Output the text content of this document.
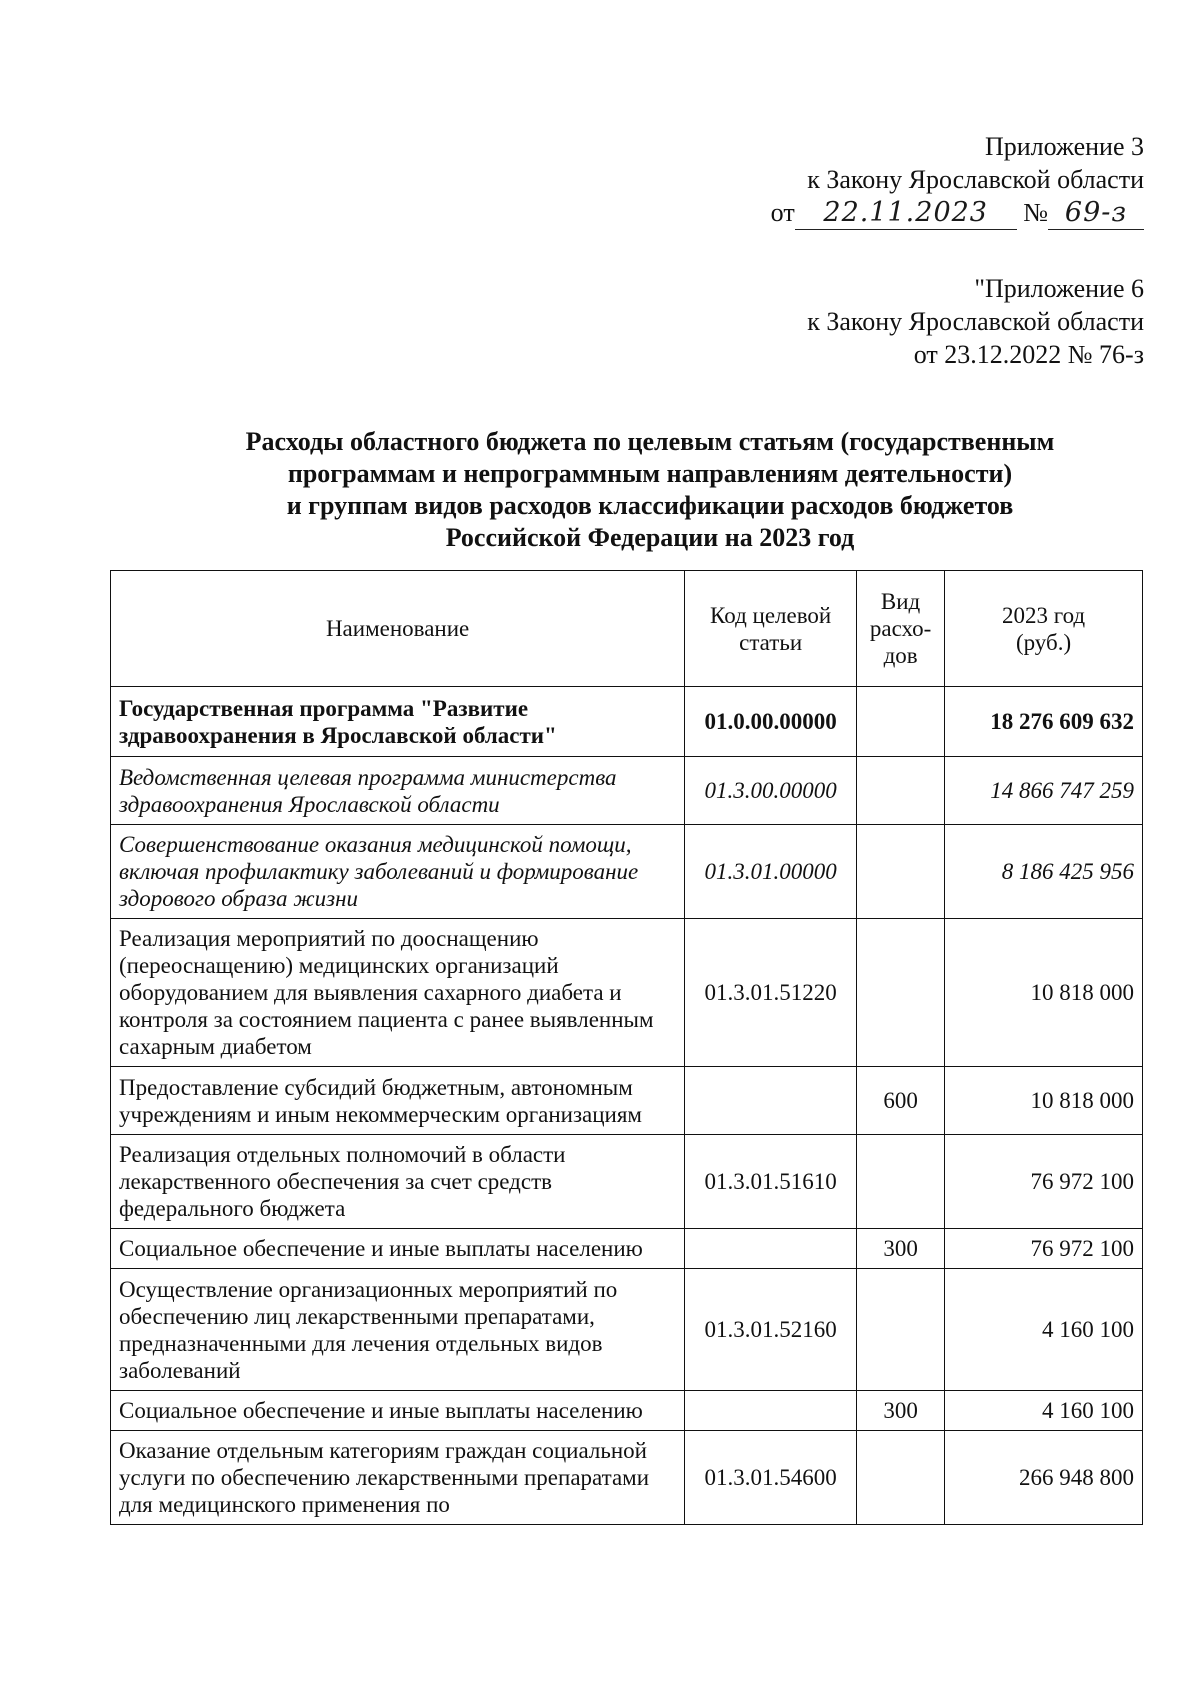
Приложение 3
к Закону Ярославской области
от 22.11.2023 № 69-з
"Приложение 6
к Закону Ярославской области
от 23.12.2022 № 76-з
Расходы областного бюджета по целевым статьям (государственным
программам и непрограммным направлениям деятельности)
и группам видов расходов классификации расходов бюджетов
Российской Федерации на 2023 год
Наименование	Код целевой статьи	Вид расхо-дов	2023 год (руб.)
Государственная программа "Развитие здравоохранения в Ярославской области"	01.0.00.00000		18 276 609 632
Ведомственная целевая программа министерства здравоохранения Ярославской области	01.3.00.00000		14 866 747 259
Совершенствование оказания медицинской помощи, включая профилактику заболеваний и формирование здорового образа жизни	01.3.01.00000		8 186 425 956
Реализация мероприятий по дооснащению (переоснащению) медицинских организаций оборудованием для выявления сахарного диабета и контроля за состоянием пациента с ранее выявленным сахарным диабетом	01.3.01.51220		10 818 000
Предоставление субсидий бюджетным, автономным учреждениям и иным некоммерческим организациям		600	10 818 000
Реализация отдельных полномочий в области лекарственного обеспечения за счет средств федерального бюджета	01.3.01.51610		76 972 100
Социальное обеспечение и иные выплаты населению		300	76 972 100
Осуществление организационных мероприятий по обеспечению лиц лекарственными препаратами, предназначенными для лечения отдельных видов заболеваний	01.3.01.52160		4 160 100
Социальное обеспечение и иные выплаты населению		300	4 160 100
Оказание отдельным категориям граждан социальной услуги по обеспечению лекарственными препаратами для медицинского применения по	01.3.01.54600		266 948 800
